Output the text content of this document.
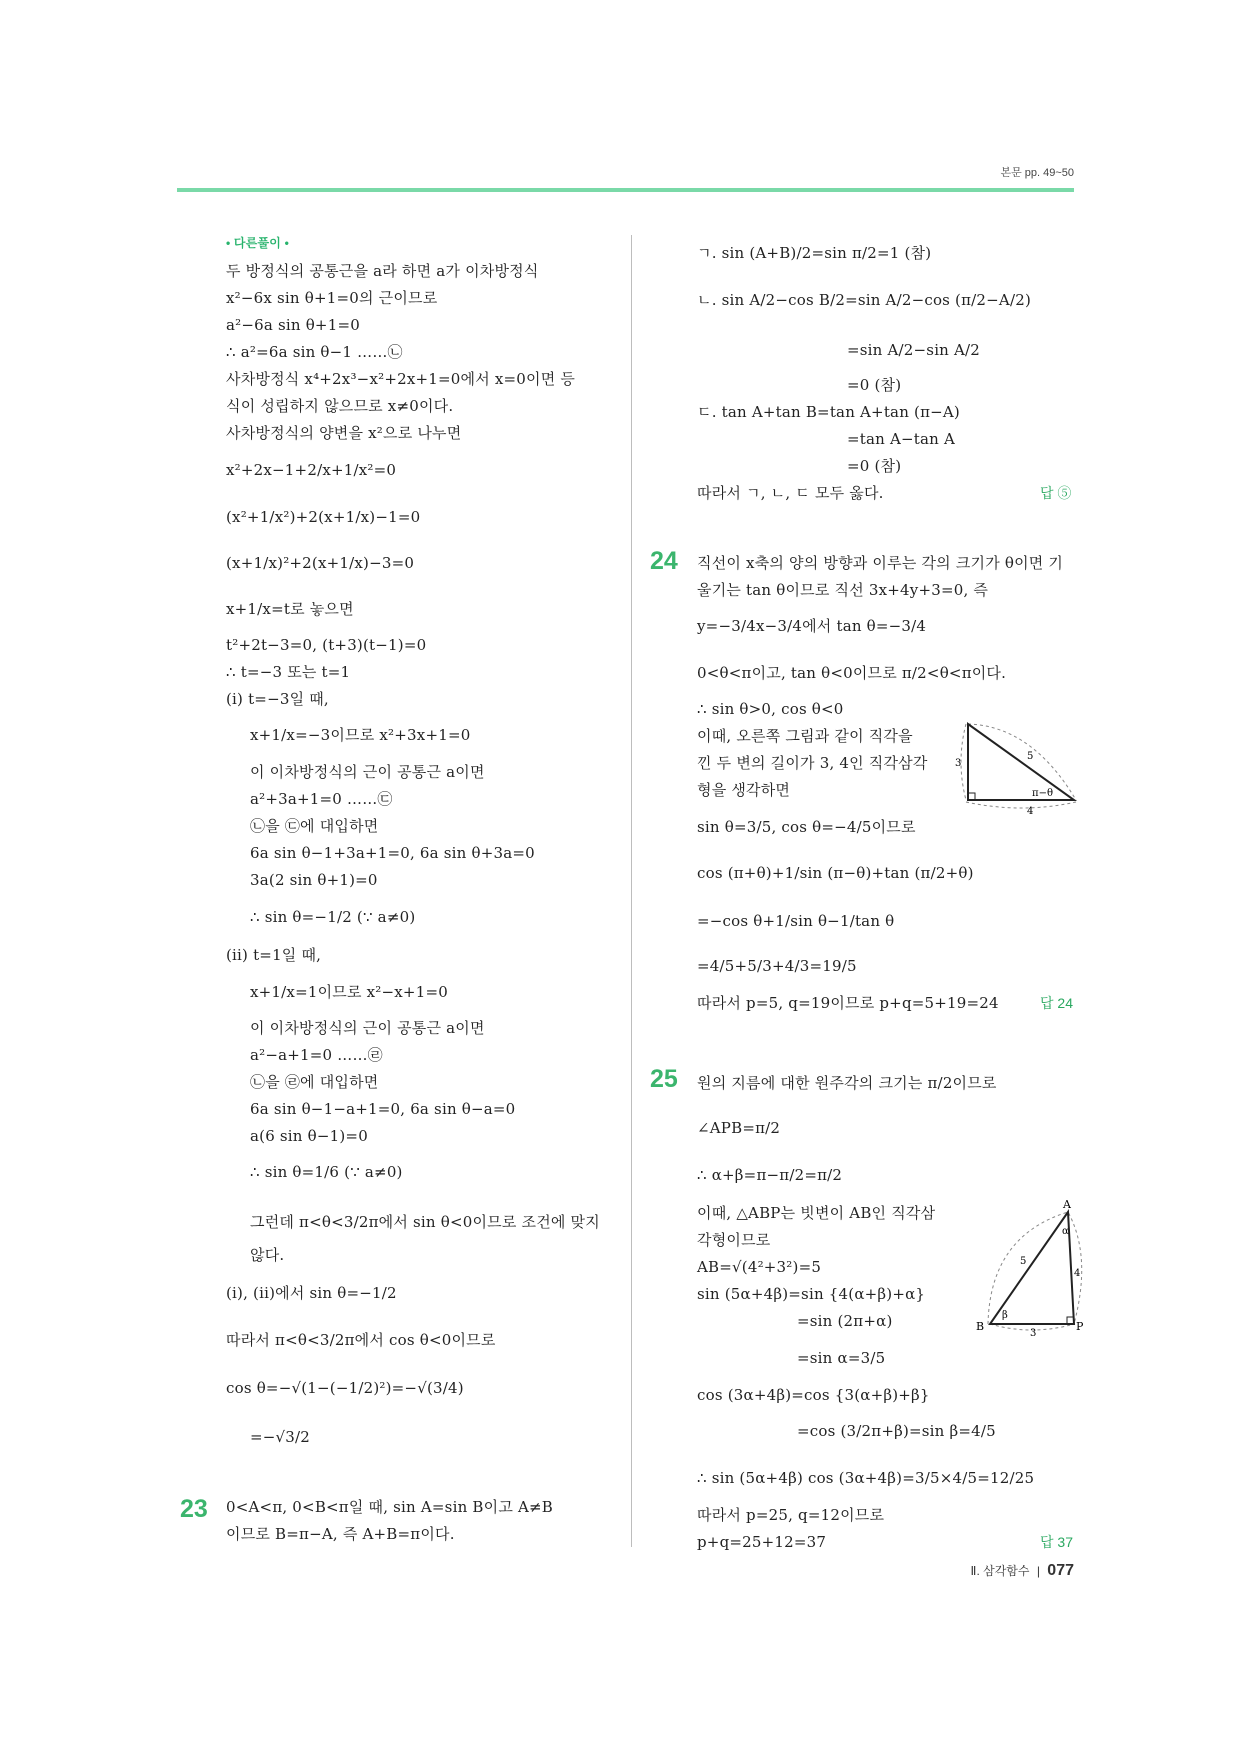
본문 pp. 49~50
• 다른풀이 •
두 방정식의 공통근을 a라 하면 a가 이차방정식
x²−6x sin θ+1=0의 근이므로
a²−6a sin θ+1=0
∴ a²=6a sin θ−1 ……㉡
사차방정식 x⁴+2x³−x²+2x+1=0에서 x=0이면 등
식이 성립하지 않으므로 x≠0이다.
사차방정식의 양변을 x²으로 나누면
x²+2x−1+2/x+1/x²=0
(x²+1/x²)+2(x+1/x)−1=0
(x+1/x)²+2(x+1/x)−3=0
x+1/x=t로 놓으면
t²+2t−3=0, (t+3)(t−1)=0
∴ t=−3 또는 t=1
(i) t=−3일 때,
x+1/x=−3이므로 x²+3x+1=0
이 이차방정식의 근이 공통근 a이면
a²+3a+1=0 ……㉢
㉡을 ㉢에 대입하면
6a sin θ−1+3a+1=0, 6a sin θ+3a=0
3a(2 sin θ+1)=0
∴ sin θ=−1/2 (∵ a≠0)
(ii) t=1일 때,
x+1/x=1이므로 x²−x+1=0
이 이차방정식의 근이 공통근 a이면
a²−a+1=0 ……㉣
㉡을 ㉣에 대입하면
6a sin θ−1−a+1=0, 6a sin θ−a=0
a(6 sin θ−1)=0
∴ sin θ=1/6 (∵ a≠0)
그런데 π<θ<3/2π에서 sin θ<0이므로 조건에 맞지
않다.
(i), (ii)에서 sin θ=−1/2
따라서 π<θ<3/2π에서 cos θ<0이므로
cos θ=−√(1−(−1/2)²)=−√(3/4)
=−√3/2
23 0<A<π, 0<B<π일 때, sin A=sin B이고 A≠B
이므로 B=π−A, 즉 A+B=π이다.
ㄱ. sin (A+B)/2=sin π/2=1 (참)
ㄴ. sin A/2−cos B/2=sin A/2−cos (π/2−A/2)
=sin A/2−sin A/2
=0 (참)
ㄷ. tan A+tan B=tan A+tan (π−A)
=tan A−tan A
=0 (참)
따라서 ㄱ, ㄴ, ㄷ 모두 옳다.	답 ⑤
24 직선이 x축의 양의 방향과 이루는 각의 크기가 θ이면 기
울기는 tan θ이므로 직선 3x+4y+3=0, 즉
y=−3/4x−3/4에서 tan θ=−3/4
0<θ<π이고, tan θ<0이므로 π/2<θ<π이다.
∴ sin θ>0, cos θ<0
이때, 오른쪽 그림과 같이 직각을
낀 두 변의 길이가 3, 4인 직각삼각
형을 생각하면
sin θ=3/5, cos θ=−4/5이므로
cos (π+θ)+1/sin (π−θ)+tan (π/2+θ)
=−cos θ+1/sin θ−1/tan θ
=4/5+5/3+4/3=19/5
따라서 p=5, q=19이므로 p+q=5+19=24	답 24
3
4
5
π−θ
25 원의 지름에 대한 원주각의 크기는 π/2이므로
∠APB=π/2
∴ α+β=π−π/2=π/2
이때, △ABP는 빗변이 AB인 직각삼
각형이므로
AB=√(4²+3²)=5
sin (5α+4β)=sin {4(α+β)+α}
=sin (2π+α)
=sin α=3/5
cos (3α+4β)=cos {3(α+β)+β}
=cos (3/2π+β)=sin β=4/5
∴ sin (5α+4β) cos (3α+4β)=3/5×4/5=12/25
따라서 p=25, q=12이므로
p+q=25+12=37	답 37
A
B	P
α
β
5
4
3
Ⅱ. 삼각함수 | 077
